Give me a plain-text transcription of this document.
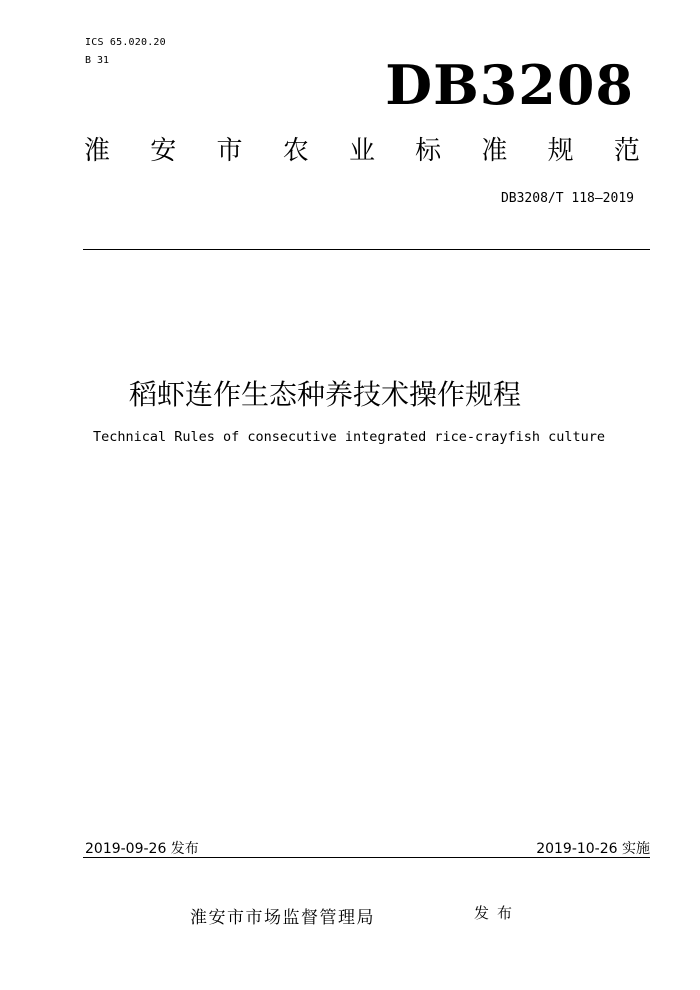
ICS 65.020.20
B 31	DB3208
淮 安 市 农 业 标 准 规 范
DB3208/T 118—2019
稻虾连作生态种养技术操作规程
Technical Rules of consecutive integrated rice-crayfish culture
2019-09-26 发布	2019-10-26 实施
淮安市市场监督管理局	发布
